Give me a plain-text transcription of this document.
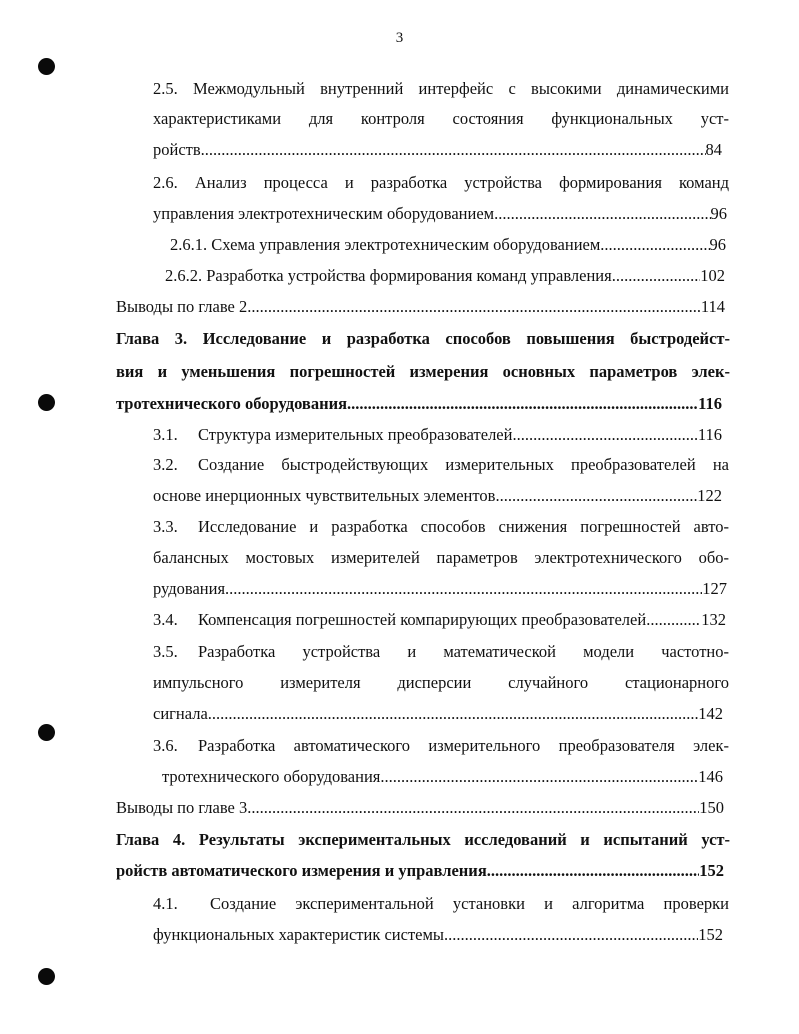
3
2.5. Межмодульный внутренний интерфейс с высокими динамическими
характеристиками для контроля состояния функциональных уст-
ройств .....	84
2.6. Анализ процесса и разработка устройства формирования команд
управления электротехническим оборудованием .....	96
2.6.1. Схема управления электротехническим оборудованием .....	96
2.6.2. Разработка устройства формирования команд управления .....	102
Выводы по главе 2 .....	114
Глава 3. Исследование и разработка способов повышения быстродейст-
вия и уменьшения погрешностей измерения основных параметров элек-
тротехнического оборудования .....	116
3.1. Структура измерительных преобразователей .....	116
3.2. Создание быстродействующих измерительных преобразователей на
основе инерционных чувствительных элементов .....	122
3.3. Исследование и разработка способов снижения погрешностей авто-
балансных мостовых измерителей параметров электротехнического обо-
рудования .....	127
3.4. Компенсация погрешностей компарирующих преобразователей .....	132
3.5. Разработка устройства и математической модели частотно-
импульсного измерителя дисперсии случайного стационарного
сигнала .....	142
3.6. Разработка автоматического измерительного преобразователя элек-
тротехнического оборудования .....	146
Выводы по главе 3 .....	150
Глава 4. Результаты экспериментальных исследований и испытаний уст-
ройств автоматического измерения и управления .....	152
4.1. Создание экспериментальной установки и алгоритма проверки
функциональных характеристик системы .....	152
